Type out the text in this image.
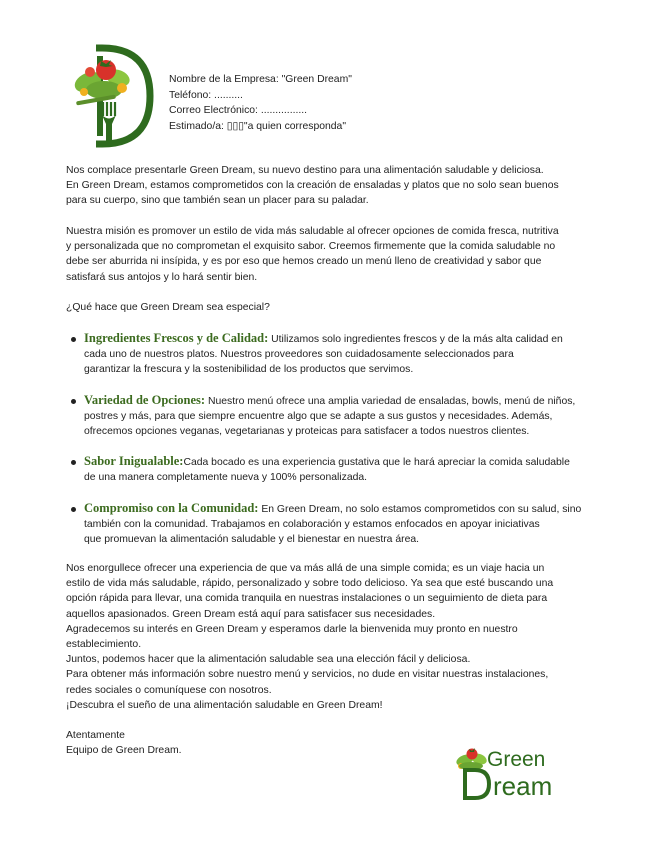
Nombre de la Empresa: "Green Dream"
Teléfono: ..........
Correo Electrónico: ................
Estimado/a: ▯▯▯"a quien corresponda"

Nos complace presentarle Green Dream, su nuevo destino para una alimentación saludable y deliciosa.

En Green Dream, estamos comprometidos con la creación de ensaladas y platos que no solo sean buenos

para su cuerpo, sino que también sean un placer para su paladar.

Nuestra misión es promover un estilo de vida más saludable al ofrecer opciones de comida fresca, nutritiva

y personalizada que no comprometan el exquisito sabor. Creemos firmemente que la comida saludable no

debe ser aburrida ni insípida, y es por eso que hemos creado un menú lleno de creatividad y sabor que

satisfará sus antojos y lo hará sentir bien.

¿Qué hace que Green Dream sea especial?
Ingredientes Frescos y de Calidad: Utilizamos solo ingredientes frescos y de la más alta calidad en
cada uno de nuestros platos. Nuestros proveedores son cuidadosamente seleccionados para
garantizar la frescura y la sostenibilidad de los productos que servimos.
Variedad de Opciones: Nuestro menú ofrece una amplia variedad de ensaladas, bowls, menú de niños,
postres y más, para que siempre encuentre algo que se adapte a sus gustos y necesidades. Además,
ofrecemos opciones veganas, vegetarianas y proteicas para satisfacer a todos nuestros clientes.
Sabor Inigualable:Cada bocado es una experiencia gustativa que le hará apreciar la comida saludable
de una manera completamente nueva y 100% personalizada.
Compromiso con la Comunidad: En Green Dream, no solo estamos comprometidos con su salud, sino
también con la comunidad. Trabajamos en colaboración y estamos enfocados en apoyar iniciativas
que promuevan la alimentación saludable y el bienestar en nuestra área.

Nos enorgullece ofrecer una experiencia de que va más allá de una simple comida; es un viaje hacia un

estilo de vida más saludable, rápido, personalizado y sobre todo delicioso. Ya sea que esté buscando una

opción rápida para llevar, una comida tranquila en nuestras instalaciones o un seguimiento de dieta para

aquellos apasionados. Green Dream está aquí para satisfacer sus necesidades.

Agradecemos su interés en Green Dream y esperamos darle la bienvenida muy pronto en nuestro

establecimiento.

Juntos, podemos hacer que la alimentación saludable sea una elección fácil y deliciosa.

Para obtener más información sobre nuestro menú y servicios, no dude en visitar nuestras instalaciones,

redes sociales o comuníquese con nosotros.

¡Descubra el sueño de una alimentación saludable en Green Dream!

Atentamente

Equipo de Green Dream.	Green
ream
